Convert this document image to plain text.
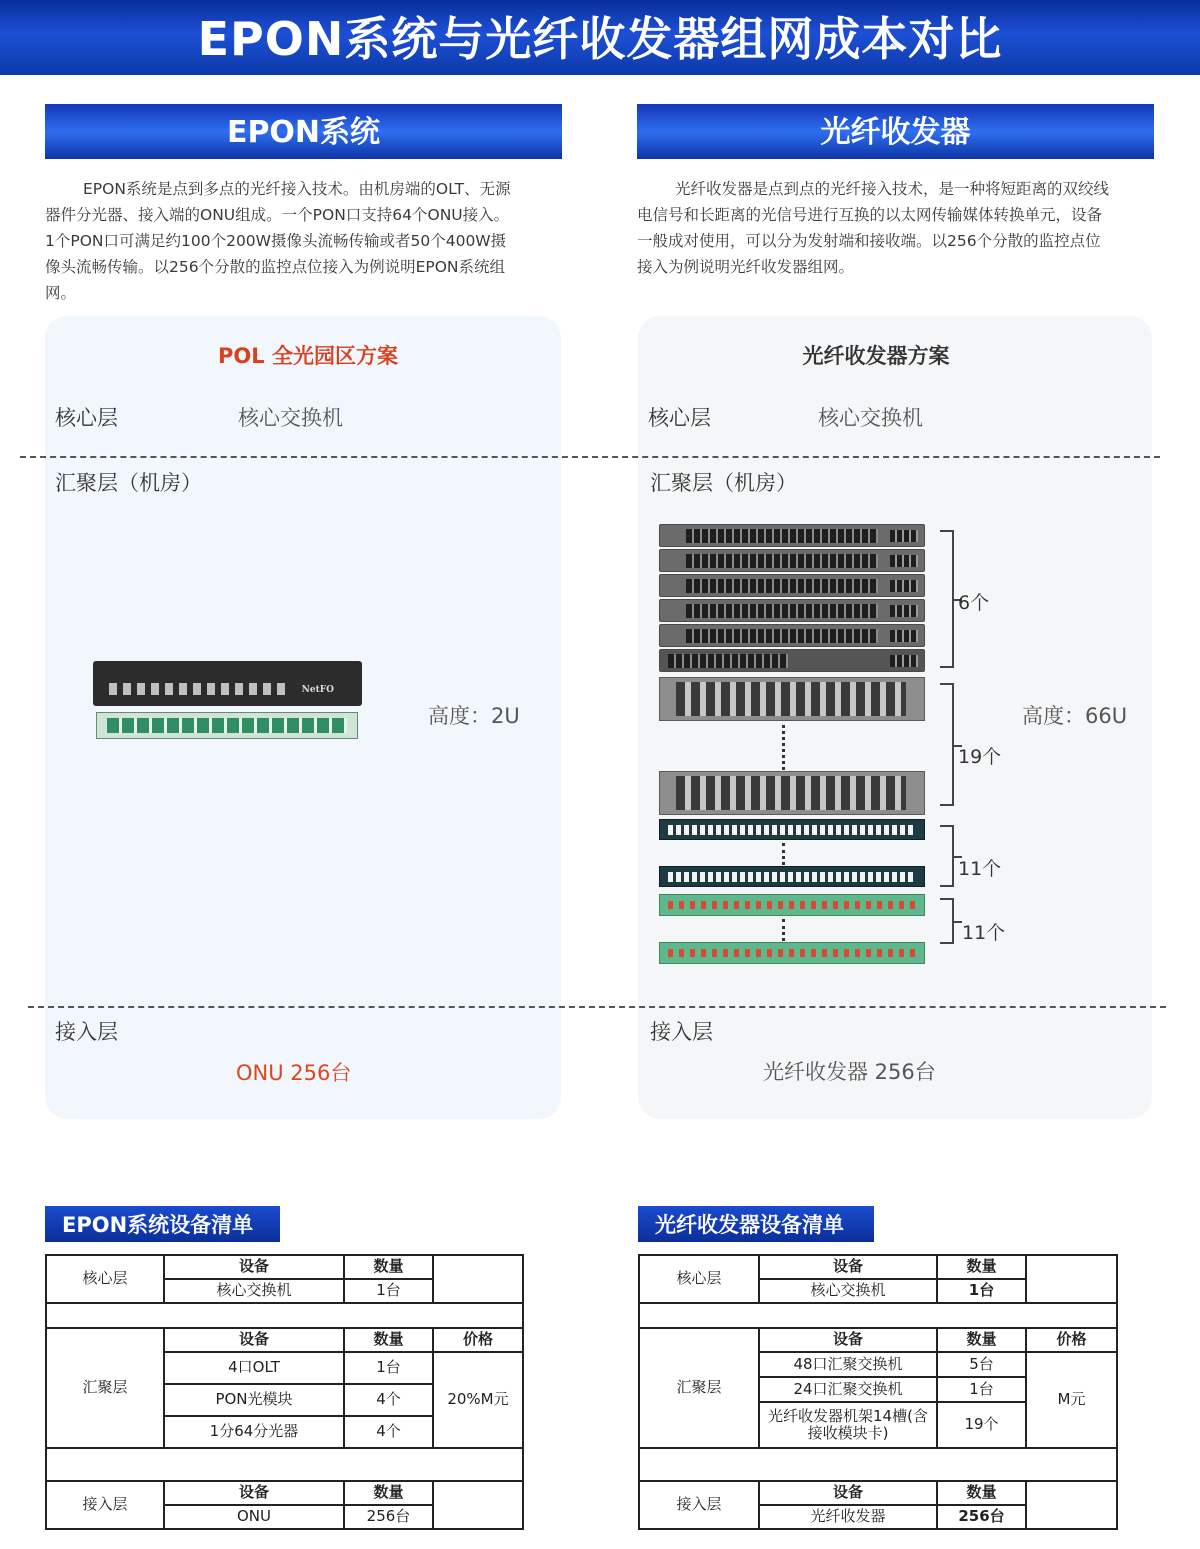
EPON系统与光纤收发器组网成本对比
EPON系统	光纤收发器

EPON系统是点到多点的光纤接入技术。由机房端的OLT、无源器件分光器、接入端的ONU组成。一个PON口支持64个ONU接入。1个PON口可满足约100个200W摄像头流畅传输或者50个400W摄像头流畅传输。以256个分散的监控点位接入为例说明EPON系统组网。

光纤收发器是点到点的光纤接入技术，是一种将短距离的双绞线电信号和长距离的光信号进行互换的以太网传输媒体转换单元，设备一般成对使用，可以分为发射端和接收端。以256个分散的监控点位接入为例说明光纤收发器组网。

POL 全光园区方案	光纤收发器方案
核心层	核心交换机
汇聚层（机房）
高度：2U
接入层
ONU 256台
核心层	核心交换机
汇聚层（机房）
高度：66U
接入层
光纤收发器 256台
NetFO
6个
19个
11个
11个
EPON系统设备清单	光纤收发器设备清单
核心层	设备	数量	
	核心交换机	1台	

汇聚层	设备	数量	价格
	4口OLT	1台	20%M元
	PON光模块	4个	
	1分64分光器	4个	

接入层	设备	数量	
	ONU	256台	
核心层	设备	数量	
	核心交换机	1台	

汇聚层	设备	数量	价格
	48口汇聚交换机	5台	M元
	24口汇聚交换机	1台	
	光纤收发器机架14槽(含接收模块卡)	19个	

接入层	设备	数量	
	光纤收发器	256台	
